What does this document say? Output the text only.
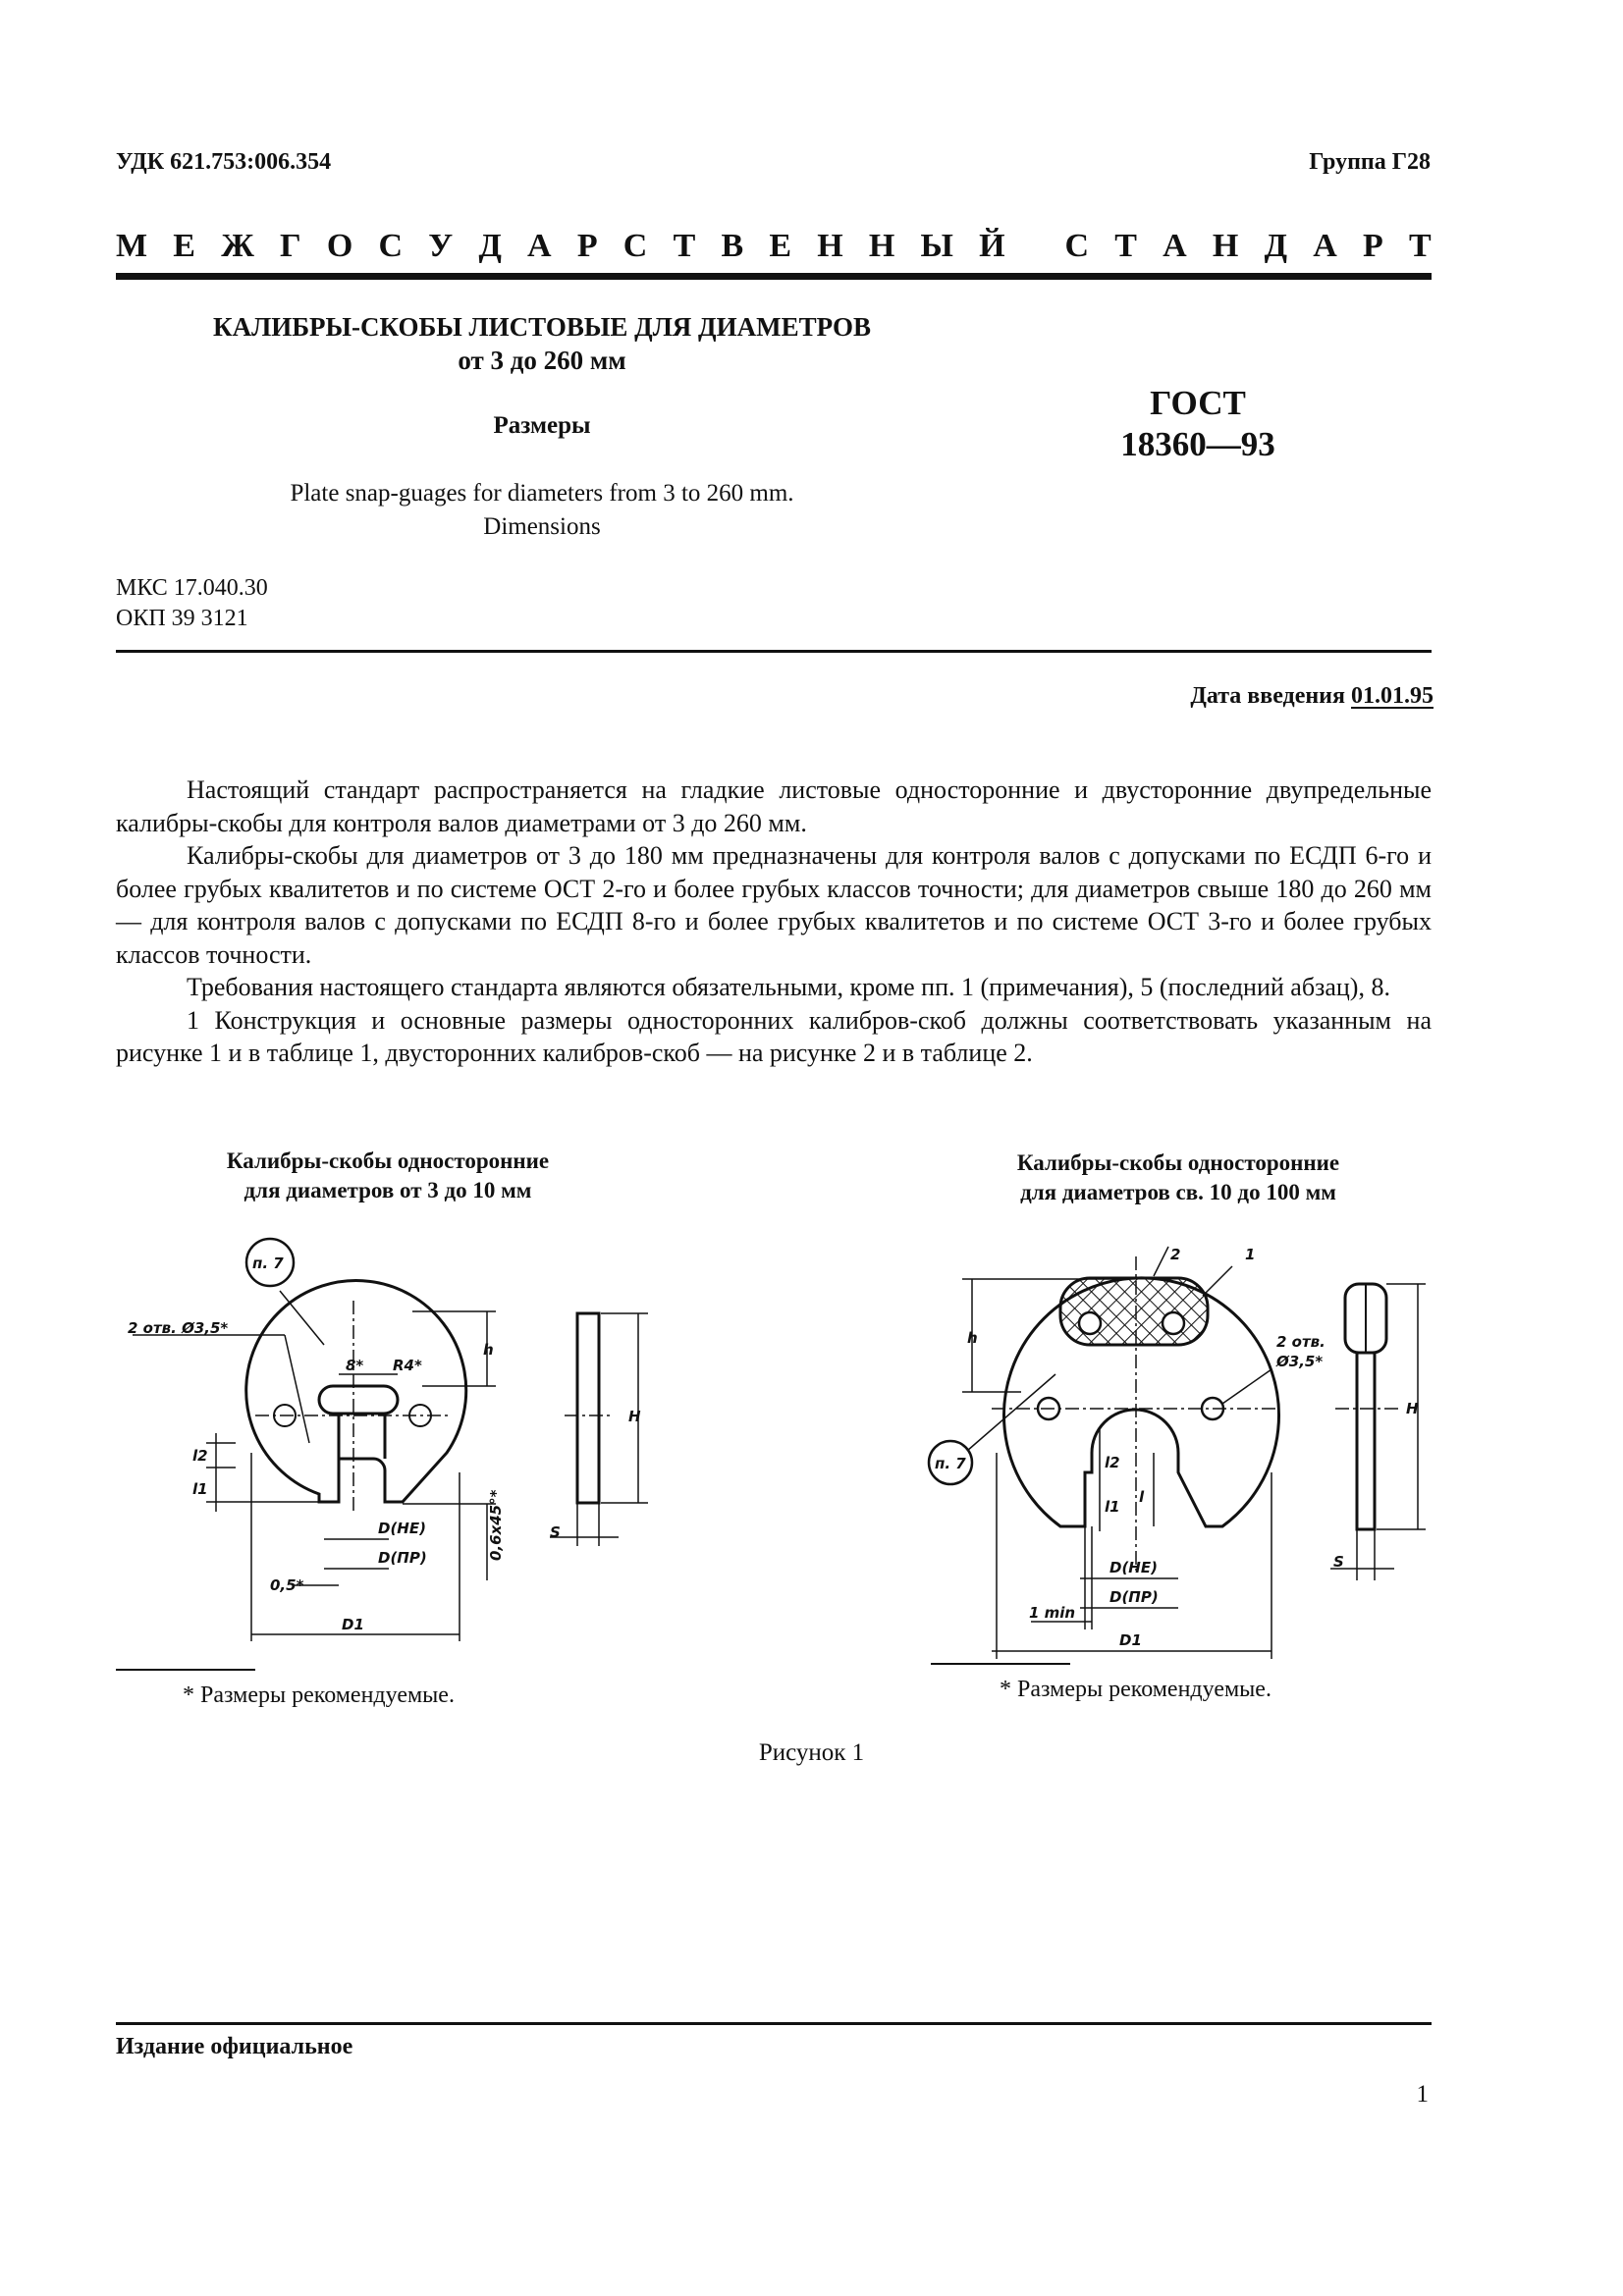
УДК 621.753:006.354	Группа Г28
М Е Ж Г О С У Д А Р С Т В Е Н Н Ы Й
С Т А Н Д А Р Т
КАЛИБРЫ-СКОБЫ ЛИСТОВЫЕ ДЛЯ ДИАМЕТРОВ
от 3 до 260 мм
Размеры
Plate snap-guages for diameters from 3 to 260 mm.
Dimensions
ГОСТ
18360—93
МКС 17.040.30
ОКП 39 3121
Дата введения 01.01.95

Настоящий стандарт распространяется на гладкие листовые односторонние и двусторонние двупредельные калибры-скобы для контроля валов диаметрами от 3 до 260 мм.

Калибры-скобы для диаметров от 3 до 180 мм предназначены для контроля валов с допусками по ЕСДП 6-го и более грубых квалитетов и по системе ОСТ 2-го и более грубых классов точности; для диаметров свыше 180 до 260 мм — для контроля валов с допусками по ЕСДП 8-го и более грубых квалитетов и по системе ОСТ 3-го и более грубых классов точности.

Требования настоящего стандарта являются обязательными, кроме пп. 1 (примечания), 5 (последний абзац), 8.

1 Конструкция и основные размеры односторонних калибров-скоб должны соответствовать указанным на рисунке 1 и в таблице 1, двусторонних калибров-скоб — на рисунке 2 и в таблице 2.

Калибры-скобы односторонние
для диаметров от 3 до 10 мм
Калибры-скобы односторонние
для диаметров св. 10 до 100 мм
п. 7
2 отв. Ø3,5*
8* R4*
h
l2
l1
D(НЕ)
D(ПР)	0,6x45°*
0,5*
D1
H
S
п. 7
2	1
2 отв.
Ø3,5*
h
l2
l1
l
D(НЕ)
D(ПР)
1 min
D1
H
S
* Размеры рекомендуемые.	* Размеры рекомендуемые.
Рисунок 1
Издание официальное
1
